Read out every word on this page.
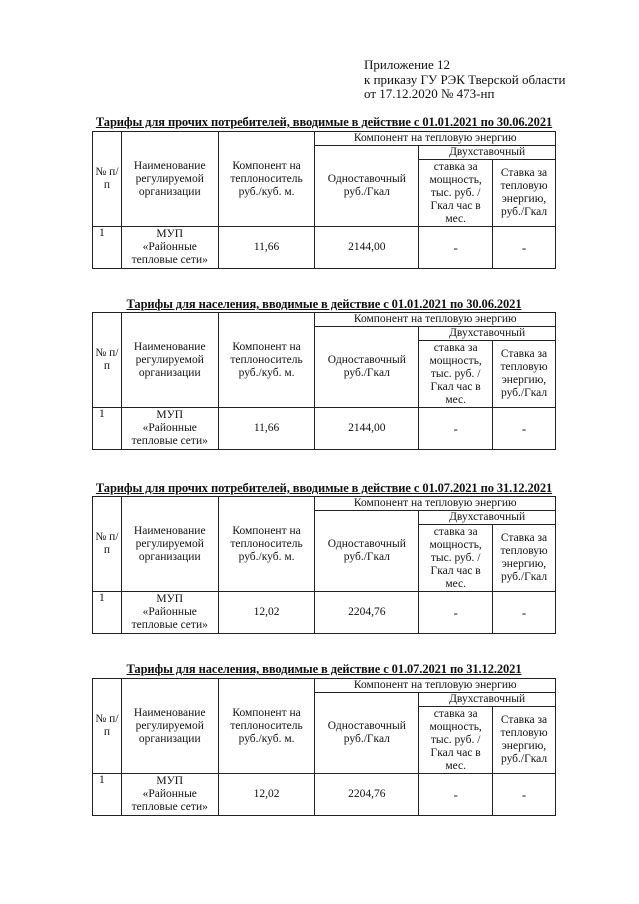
Приложение 12
к приказу ГУ РЭК Тверской области
от 17.12.2020 № 473-нп
Тарифы для прочих потребителей, вводимые в действие с 01.01.2021 по 30.06.2021
№ п/п	Наименование регулируемой организации	Компонент на теплоноситель руб./куб. м.	Компонент на тепловую энергию		
			Одноставочный руб./Гкал	Двухставочный	
				ставка за мощность, тыс. руб. /Гкал час в мес.	Ставка за тепловую энергию, руб./Гкал
1	МУП
«Районные
тепловые сети»	11,66	2144,00	-	-
Тарифы для населения, вводимые в действие с 01.01.2021 по 30.06.2021
№ п/п	Наименование регулируемой организации	Компонент на теплоноситель руб./куб. м.	Компонент на тепловую энергию		
			Одноставочный руб./Гкал	Двухставочный	
				ставка за мощность, тыс. руб. /Гкал час в мес.	Ставка за тепловую энергию, руб./Гкал
1	МУП
«Районные
тепловые сети»	11,66	2144,00	-	-
Тарифы для прочих потребителей, вводимые в действие с 01.07.2021 по 31.12.2021
№ п/п	Наименование регулируемой организации	Компонент на теплоноситель руб./куб. м.	Компонент на тепловую энергию		
			Одноставочный руб./Гкал	Двухставочный	
				ставка за мощность, тыс. руб. /Гкал час в мес.	Ставка за тепловую энергию, руб./Гкал
1	МУП
«Районные
тепловые сети»	12,02	2204,76	-	-
Тарифы для населения, вводимые в действие с 01.07.2021 по 31.12.2021
№ п/п	Наименование регулируемой организации	Компонент на теплоноситель руб./куб. м.	Компонент на тепловую энергию		
			Одноставочный руб./Гкал	Двухставочный	
				ставка за мощность, тыс. руб. /Гкал час в мес.	Ставка за тепловую энергию, руб./Гкал
1	МУП
«Районные
тепловые сети»	12,02	2204,76	-	-
